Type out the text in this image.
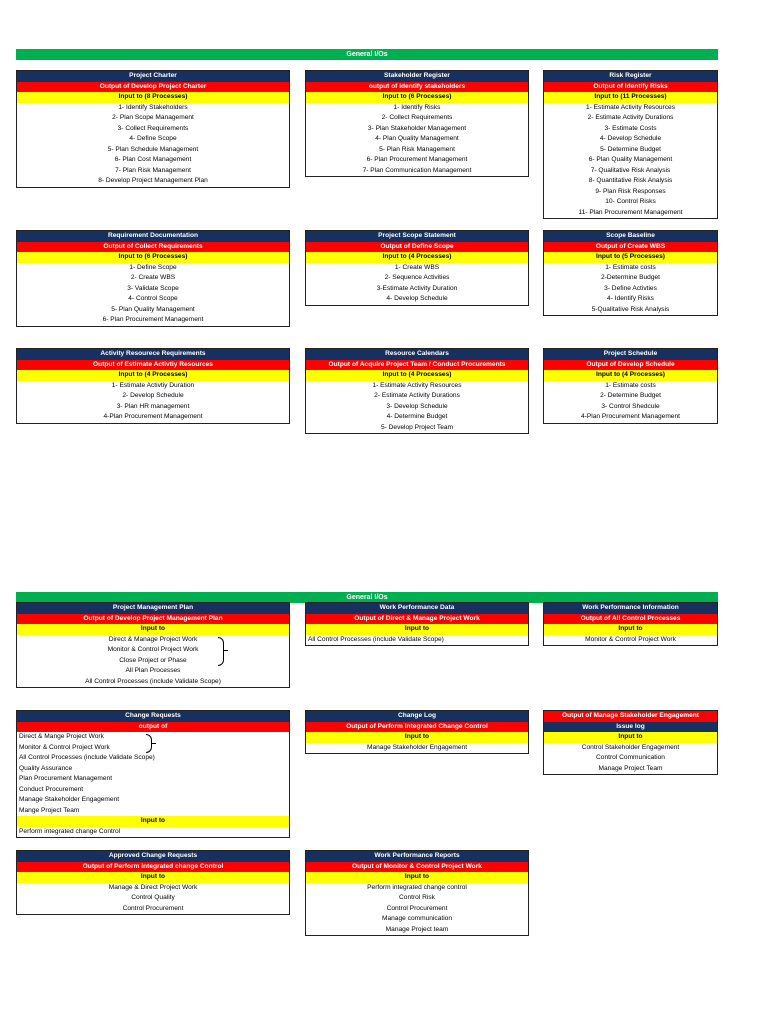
General I/Os
General I/Os
Project Charter
Output of Develop Project Charter
Input to (8 Processes)
1- Identify Stakeholders
2- Plan Scope Management
3- Collect Requirements
4- Define Scope
5- Plan Schedule Management
6- Plan Cost Management
7- Plan Risk Management
8- Develop Project Management Plan
Stakeholder Register
output of identify stakeholders
Input to (6 Processes)
1- Identify Risks
2- Collect Requirements
3- Plan Stakeholder Management
4- Plan Quality Management
5- Plan Risk Management
6- Plan Procurement Management
7- Plan Communication Management
Risk Register
Output of Identify Risks
Input to (11 Processes)
1- Estimate Activity Resources
2- Estimate Activity Durations
3- Estimate Costs
4- Develop Schedule
5- Determine Budget
6- Plan Quality Management
7- Qualitative Risk Analysis
8- Quantitative Risk Analysis
9- Plan Risk Responses
10- Control Risks
11- Plan Procurement Management
Requirement Documentation
Output of Collect Requirements
Input to (6 Processes)
1- Define Scope
2- Create WBS
3- Validate Scope
4- Control Scope
5- Plan Quality Management
6- Plan Procurement Management
Project Scope Statement
Output of Define Scope
Input to (4 Processes)
1- Create WBS
2- Sequence Activities
3-Estimate Activity Duration
4- Develop Schedule
Scope Baseline
Output of Create WBS
Input to (5 Processes)
1- Estimate costs
2-Determine Budget
3- Define Activties
4- Identify Risks
5-Qualitative Risk Analysis
Activity Resourece Requirements
Output of Estimate Activtiy Resources
Input to (4 Processes)
1- Estimate Activtiy Duration
2- Develop Schedule
3- Plan HR management
4-Plan Procurement Management
Resource Calendars
Output of Acquire Project Team / Conduct Procurements
Input to (4 Processes)
1- Estimate Activity Resources
2- Estimate Activity Durations
3- Develop Schedule
4- Determine Budget
5- Develop Project Team
Project Schedule
Output of Develop Schedule
Input to (4 Processes)
1- Estimate costs
2- Determine Budget
3- Control Shedcule
4-Plan Procurement Management
Project Management Plan
Output of Develop Project Management Plan
Input to
Direct & Manage Project Work
Monitor & Control Project Work
Close Project or Phase
All Plan Processes
All Control Processes (include Validate Scope)
Work Performance Data
Output of Direct & Manage Project Work
Input to
All Control Processes (include Validate Scope)
Work Performance Information
Output of All Control Processes
Input to
Monitor & Control Project Work
Change Requests
output of
Direct & Mange Project Work
Monitor & Control Project Work
All Control Processes (include Validate Scope)
Quality Assurance
Plan Procurement Management
Conduct Procurement
Manage Stakeholder Engagement
Mange Project Team
Input to
Perform integrated change Control
Change Log
Output of Perform Integrated Change Control
Input to
Manage Stakeholder Engagement
Output of Manage Stakeholder Engagement
Issue log
Input to
Control Stakeholder Engagement
Control Communication
Manage Project Team
Approved Change Requests
Output of Perform integrated change Control
Input to
Manage & Direct Project Work
Control Quality
Control Procurement
Work Performance Reports
Output of Monitor & Control Project Work
Input to
Perform integrated change control
Control Risk
Control Procurement
Manage communication
Manage Project team
